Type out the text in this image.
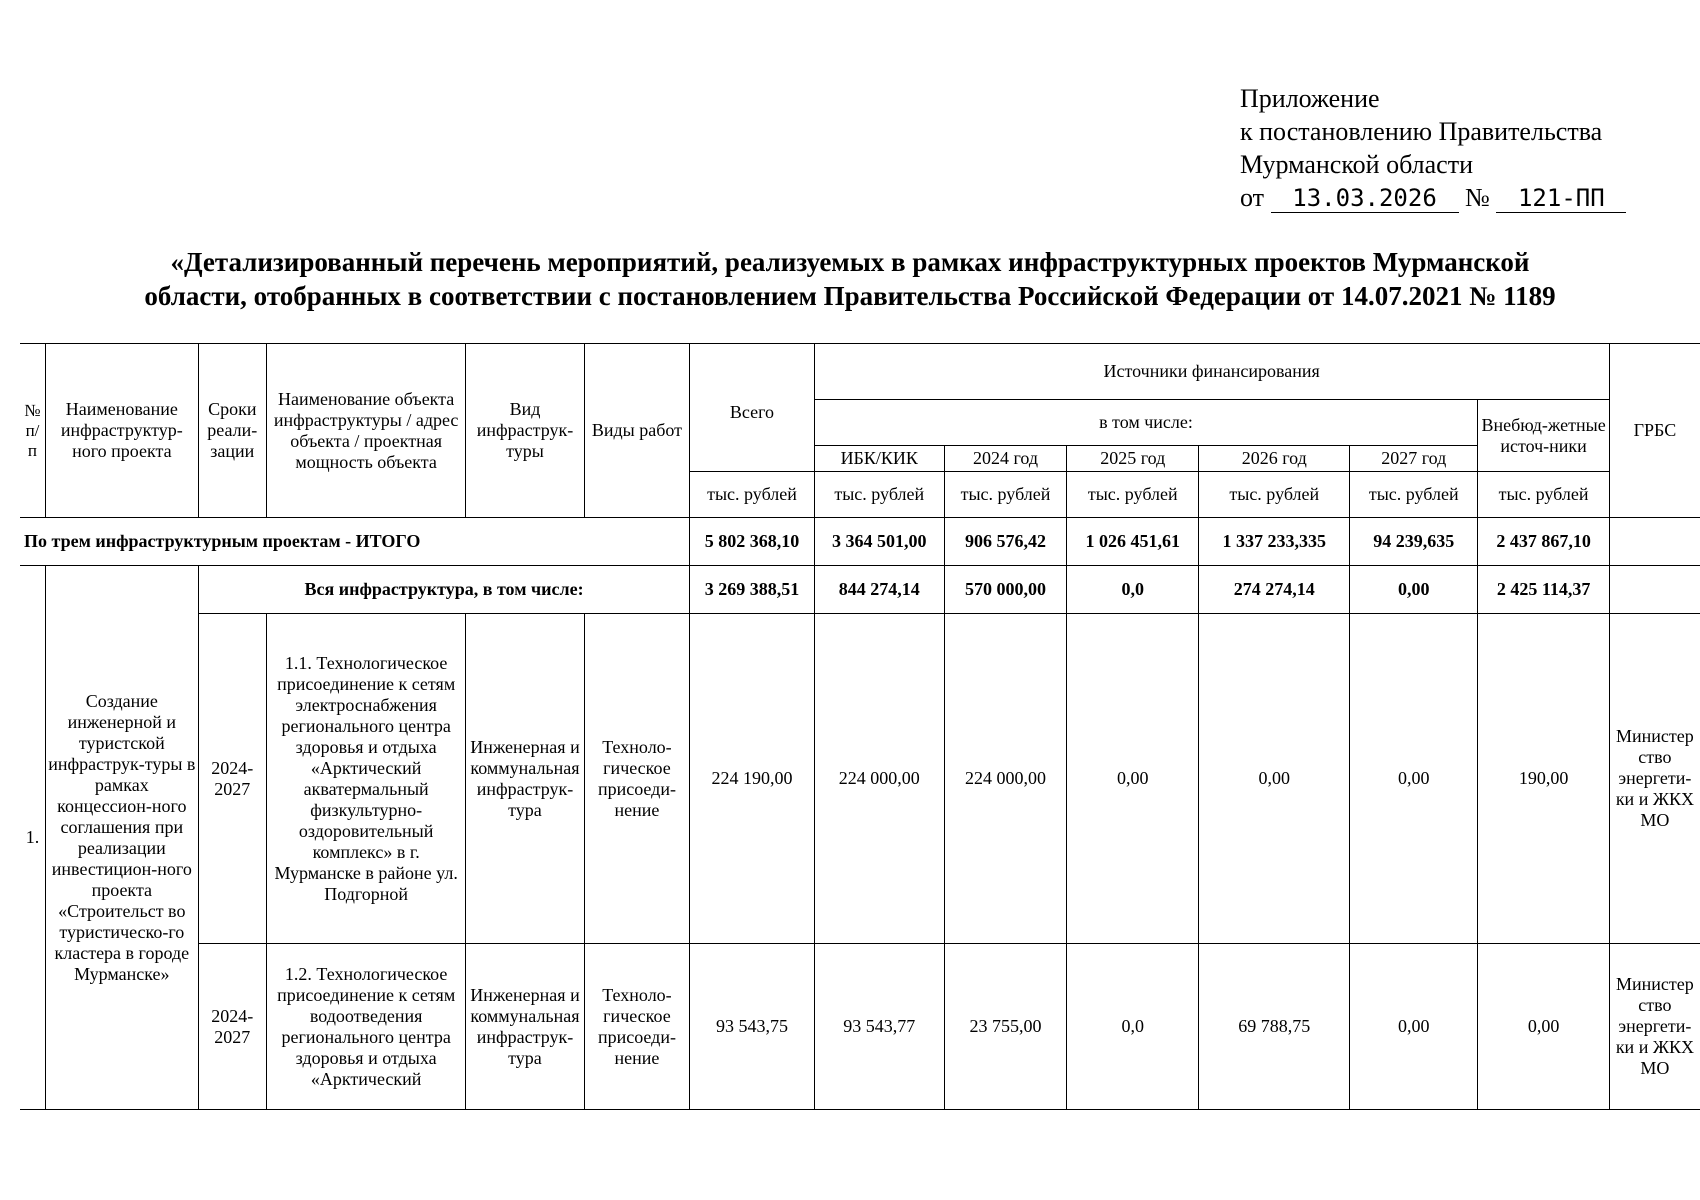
Приложение
к постановлению Правительства
Мурманской области
от 13.03.2026 № 121-ПП
«Детализированный перечень мероприятий, реализуемых в рамках инфраструктурных проектов Мурманской
области, отобранных в соответствии с постановлением Правительства Российской Федерации от 14.07.2021 № 1189
№ п/п	Наименование инфраструктур-ного проекта	Сроки реали-зации	Наименование объекта инфраструктуры / адрес объекта / проектная мощность объекта	Вид инфраструк-туры	Виды работ	Всего	Источники финансирования						ГРБС
							в том числе:					Внебюд-жетные источ-ники	
							ИБК/КИК	2024 год	2025 год	2026 год	2027 год		
						тыс. рублей	тыс. рублей	тыс. рублей	тыс. рублей	тыс. рублей	тыс. рублей	тыс. рублей	
По трем инфраструктурным проектам - ИТОГО						5 802 368,10	3 364 501,00	906 576,42	1 026 451,61	1 337 233,335	94 239,635	2 437 867,10	
1.	Создание инженерной и туристской инфраструк-туры в рамках концессион-ного соглашения при реализации инвестицион-ного проекта «Строительст во туристическо-го кластера в городе Мурманске»	Вся инфраструктура, в том числе:				3 269 388,51	844 274,14	570 000,00	0,0	274 274,14	0,00	2 425 114,37	
		2024-2027	1.1. Технологическое присоединение к сетям электроснабжения регионального центра здоровья и отдыха «Арктический акватермальный физкультурно-оздоровительный комплекс» в г. Мурманске в районе ул. Подгорной	Инженерная и коммунальная инфраструк-тура	Техноло-гическое присоеди-нение	224 190,00	224 000,00	224 000,00	0,00	0,00	0,00	190,00	Министер ство энергети-ки и ЖКХ МО
		2024-2027	1.2. Технологическое присоединение к сетям водоотведения регионального центра здоровья и отдыха «Арктический	Инженерная и коммунальная инфраструк-тура	Техноло-гическое присоеди-нение	93 543,75	93 543,77	23 755,00	0,0	69 788,75	0,00	0,00	Министер ство энергети-ки и ЖКХ МО
